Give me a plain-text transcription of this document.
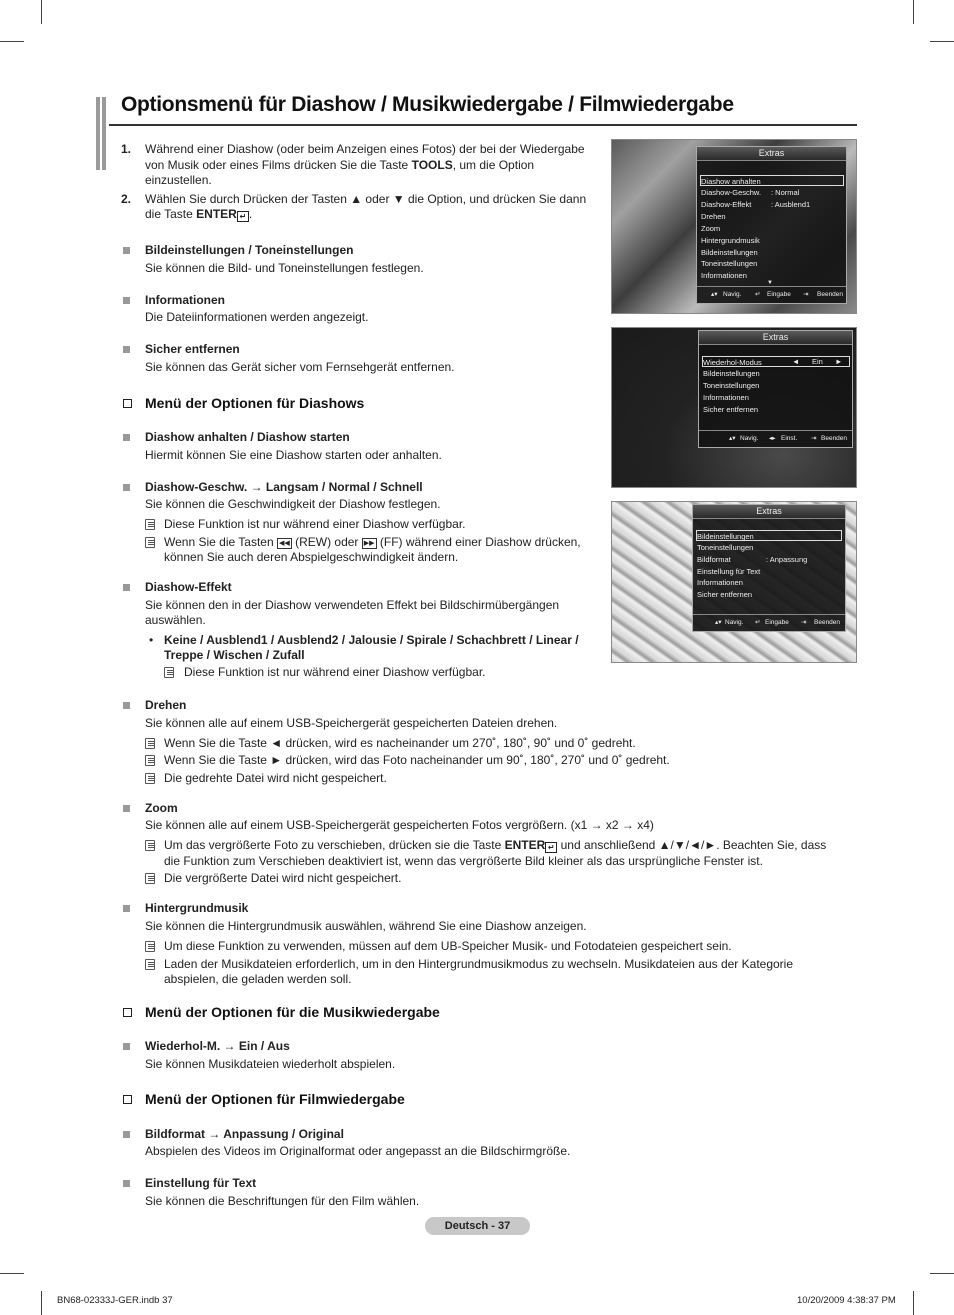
Optionsmenü für Diashow / Musikwiedergabe / Filmwiedergabe
1. Während einer Diashow (oder beim Anzeigen eines Fotos) der bei der Wiedergabe
von Musik oder eines Films drücken Sie die Taste TOOLS, um die Option
einzustellen.
2. Wählen Sie durch Drücken der Tasten ▲ oder ▼ die Option, und drücken Sie dann
die Taste ENTER ↵ .
Bildeinstellungen / Toneinstellungen
Sie können die Bild- und Toneinstellungen festlegen.
Informationen
Die Dateiinformationen werden angezeigt.
Sicher entfernen
Sie können das Gerät sicher vom Fernsehgerät entfernen.
Menü der Optionen für Diashows
Diashow anhalten / Diashow starten
Hiermit können Sie eine Diashow starten oder anhalten.
Diashow-Geschw. → Langsam / Normal / Schnell
Sie können die Geschwindigkeit der Diashow festlegen.
Diese Funktion ist nur während einer Diashow verfügbar.
Wenn Sie die Tasten ◀◀ (REW) oder ▶▶ (FF) während einer Diashow drücken,
können Sie auch deren Abspielgeschwindigkeit ändern.
Diashow-Effekt
Sie können den in der Diashow verwendeten Effekt bei Bildschirmübergängen
auswählen.
• Keine / Ausblend1 / Ausblend2 / Jalousie / Spirale / Schachbrett / Linear /
Treppe / Wischen / Zufall
Diese Funktion ist nur während einer Diashow verfügbar.
Drehen
Sie können alle auf einem USB-Speichergerät gespeicherten Dateien drehen.
Wenn Sie die Taste ◄ drücken, wird es nacheinander um 270˚, 180˚, 90˚ und 0˚ gedreht.
Wenn Sie die Taste ► drücken, wird das Foto nacheinander um 90˚, 180˚, 270˚ und 0˚ gedreht.
Die gedrehte Datei wird nicht gespeichert.
Zoom
Sie können alle auf einem USB-Speichergerät gespeicherten Fotos vergrößern. (x1 → x2 → x4)
Um das vergrößerte Foto zu verschieben, drücken sie die Taste ENTER ↵ und anschließend ▲/▼/◄/►. Beachten Sie, dass
die Funktion zum Verschieben deaktiviert ist, wenn das vergrößerte Bild kleiner als das ursprüngliche Fenster ist.
Die vergrößerte Datei wird nicht gespeichert.
Hintergrundmusik
Sie können die Hintergrundmusik auswählen, während Sie eine Diashow anzeigen.
Um diese Funktion zu verwenden, müssen auf dem UB-Speicher Musik- und Fotodateien gespeichert sein.
Laden der Musikdateien erforderlich, um in den Hintergrundmusikmodus zu wechseln. Musikdateien aus der Kategorie
abspielen, die geladen werden soll.
Menü der Optionen für die Musikwiedergabe
Wiederhol-M. → Ein / Aus
Sie können Musikdateien wiederholt abspielen.
Menü der Optionen für Filmwiedergabe
Bildformat → Anpassung / Original
Abspielen des Videos im Originalformat oder angepasst an die Bildschirmgröße.
Einstellung für Text
Sie können die Beschriftungen für den Film wählen.
Extras
Diashow anhalten
Diashow-Geschw.
Diashow-Effekt
Drehen
Zoom
Hintergrundmusik
Bildeinstellungen
Toneinstellungen
Informationen
: Normal
: Ausblend1
▼
▴▾ Navig. ↵ Eingabe ⇥ Beenden
Extras
Wiederhol-Modus
Bildeinstellungen
Toneinstellungen
Informationen
Sicher entfernen
◄ Ein ►
▴▾ Navig. ◂▸ Einst. ⇥ Beenden
Extras
Bildeinstellungen
Toneinstellungen
Bildformat
Einstellung für Text
Informationen
Sicher entfernen
: Anpassung
▴▾ Navig. ↵ Eingabe ⇥ Beenden
Deutsch - 37
BN68-02333J-GER.indb 37	10/20/2009 4:38:37 PM
